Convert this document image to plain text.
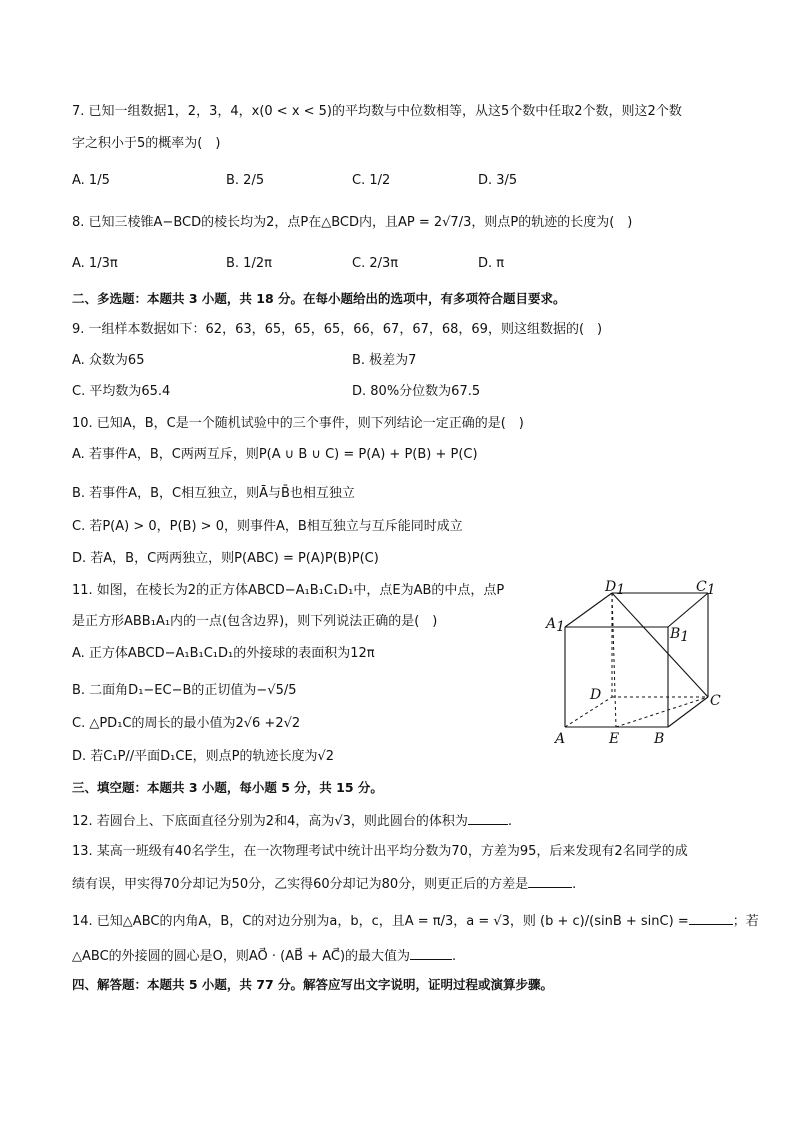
7. 已知一组数据1，2，3，4，x(0 < x < 5)的平均数与中位数相等，从这5个数中任取2个数，则这2个数
字之积小于5的概率为(　)
A. 1/5	B. 2/5	C. 1/2	D. 3/5
8. 已知三棱锥A−BCD的棱长均为2，点P在△BCD内，且AP = 2√7/3，则点P的轨迹的长度为(　)
A. 1/3π	B. 1/2π	C. 2/3π	D. π
二、多选题：本题共 3 小题，共 18 分。在每小题给出的选项中，有多项符合题目要求。
9. 一组样本数据如下：62，63，65，65，65，66，67，67，68，69，则这组数据的(　)
A. 众数为65	B. 极差为7
C. 平均数为65.4	D. 80%分位数为67.5
10. 已知A，B，C是一个随机试验中的三个事件，则下列结论一定正确的是(　)
A. 若事件A，B，C两两互斥，则P(A ∪ B ∪ C) = P(A) + P(B) + P(C)
B. 若事件A，B，C相互独立，则Ā与B̄也相互独立
C. 若P(A) > 0，P(B) > 0，则事件A，B相互独立与互斥能同时成立
D. 若A，B，C两两独立，则P(ABC) = P(A)P(B)P(C)
11. 如图，在棱长为2的正方体ABCD−A₁B₁C₁D₁中，点E为AB的中点，点P
是正方形ABB₁A₁内的一点(包含边界)，则下列说法正确的是(　)
A. 正方体ABCD−A₁B₁C₁D₁的外接球的表面积为12π
B. 二面角D₁−EC−B的正切值为−√5/5
C. △PD₁C的周长的最小值为2√6 +2√2
D. 若C₁P//平面D₁CE，则点P的轨迹长度为√2
D1	C1
A1	B1
D	C
A	E B
三、填空题：本题共 3 小题，每小题 5 分，共 15 分。
12. 若圆台上、下底面直径分别为2和4，高为√3，则此圆台的体积为	.
13. 某高一班级有40名学生，在一次物理考试中统计出平均分数为70，方差为95，后来发现有2名同学的成
绩有误，甲实得70分却记为50分，乙实得60分却记为80分，则更正后的方差是	.
14. 已知△ABC的内角A，B，C的对边分别为a，b，c，且A = π/3，a = √3，则 (b + c)/(sinB + sinC) =	；若
△ABC的外接圆的圆心是O，则AO⃗ · (AB⃗ + AC⃗)的最大值为	.
四、解答题：本题共 5 小题，共 77 分。解答应写出文字说明，证明过程或演算步骤。
